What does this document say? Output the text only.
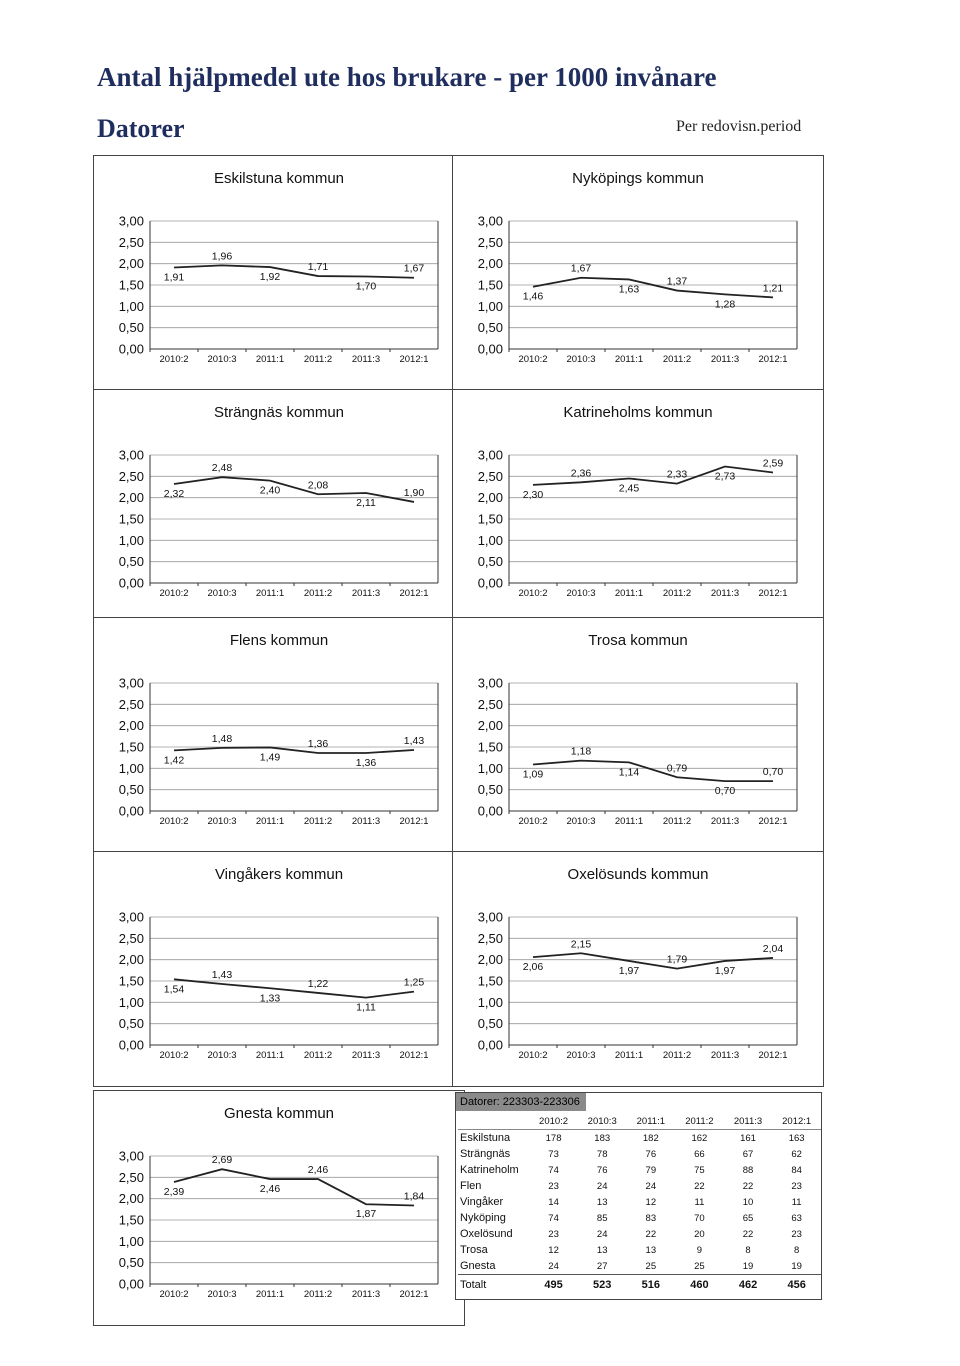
Antal hjälpmedel ute hos brukare - per 1000 invånare
Datorer	Per redovisn.period
Eskilstuna kommun
0,00
0,50
1,00
1,50
2,00
2,50
3,00
2010:2 2010:3 2011:1 2011:2 2011:3 2012:1
1,91
1,96
1,92
1,71
1,70
1,67
Nyköpings kommun
0,00
0,50
1,00
1,50
2,00
2,50
3,00
2010:2 2010:3 2011:1 2011:2 2011:3 2012:1
1,46
1,67
1,63
1,37
1,28
1,21
Strängnäs kommun
0,00
0,50
1,00
1,50
2,00
2,50
3,00
2010:2 2010:3 2011:1 2011:2 2011:3 2012:1
2,32
2,48
2,40	2,08
2,11
1,90
Katrineholms kommun
0,00
0,50
1,00
1,50
2,00
2,50
3,00
2010:2 2010:3 2011:1 2011:2 2011:3 2012:1
2,30
2,36
2,45
2,33	2,73
2,59
Flens kommun
0,00
0,50
1,00
1,50
2,00
2,50
3,00
2010:2 2010:3 2011:1 2011:2 2011:3 2012:1
1,42
1,48
1,49
1,36
1,36
1,43
Trosa kommun
0,00
0,50
1,00
1,50
2,00
2,50
3,00
2010:2 2010:3 2011:1 2011:2 2011:3 2012:1
1,09
1,18
1,14	0,79
0,70
0,70
Vingåkers kommun
0,00
0,50
1,00
1,50
2,00
2,50
3,00
2010:2 2010:3 2011:1 2011:2 2011:3 2012:1
1,54
1,43
1,33
1,22
1,11
1,25
Oxelösunds kommun
0,00
0,50
1,00
1,50
2,00
2,50
3,00
2010:2 2010:3 2011:1 2011:2 2011:3 2012:1
2,06
2,15
1,97
1,79
1,97
2,04
Gnesta kommun
0,00
0,50
1,00
1,50
2,00
2,50
3,00
2010:2 2010:3 2011:1 2011:2 2011:3 2012:1
2,39
2,69
2,46
2,46
1,87
1,84
Datorer: 223303-223306
	2010:2	2010:3	2011:1	2011:2	2011:3	2012:1
Eskilstuna	178	183	182	162	161	163
Strängnäs	73	78	76	66	67	62
Katrineholm	74	76	79	75	88	84
Flen	23	24	24	22	22	23
Vingåker	14	13	12	11	10	11
Nyköping	74	85	83	70	65	63
Oxelösund	23	24	22	20	22	23
Trosa	12	13	13	9	8	8
Gnesta	24	27	25	25	19	19
Totalt	495	523	516	460	462	456
